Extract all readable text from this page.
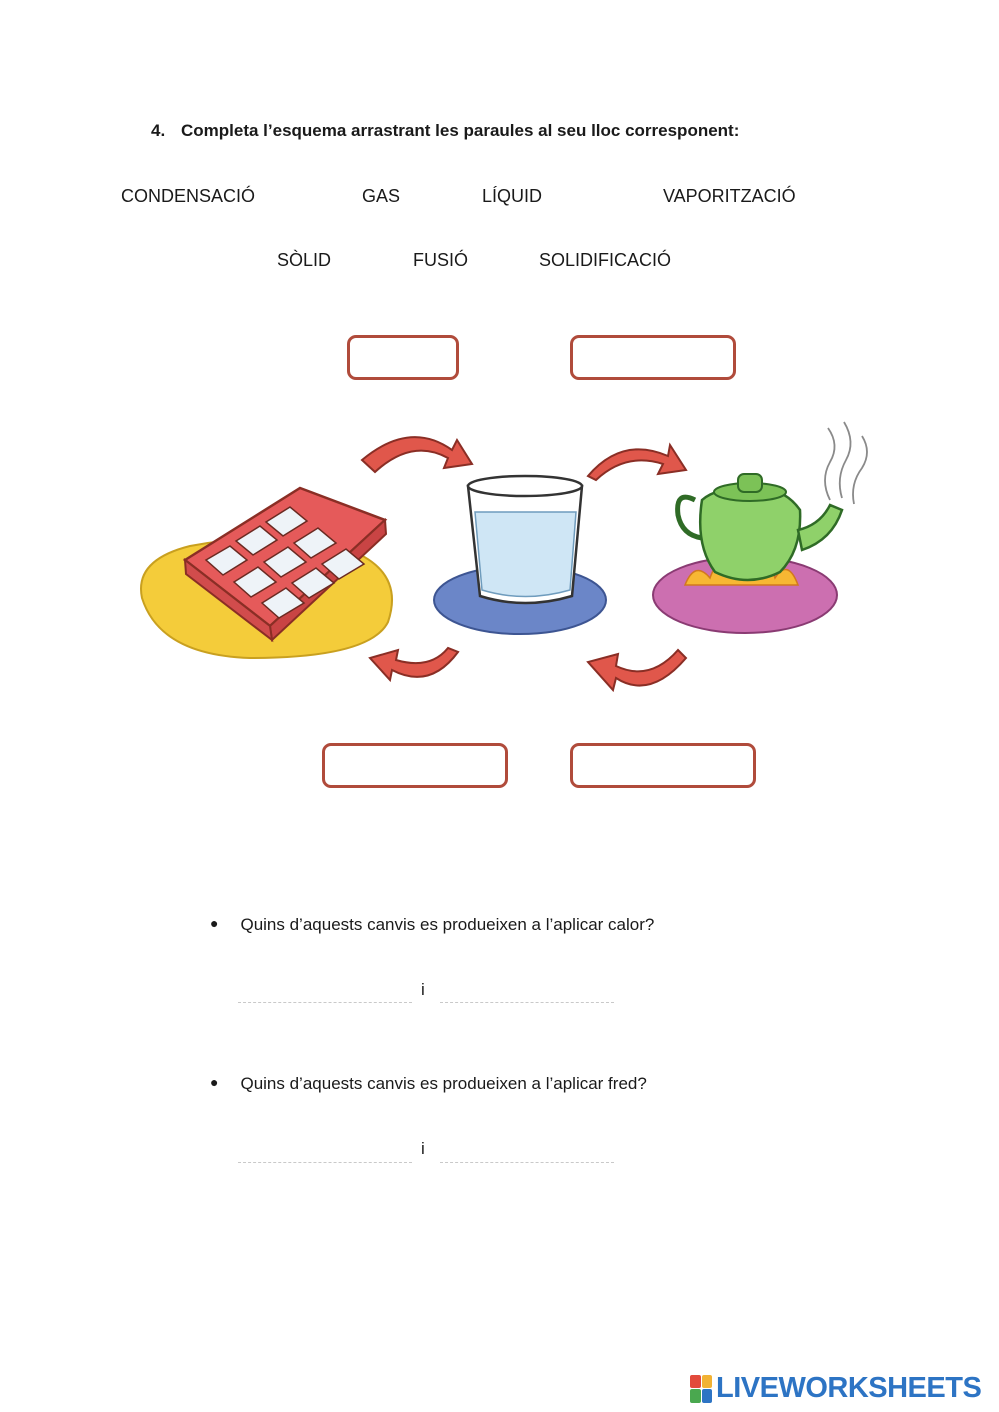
4. Completa l’esquema arrastrant les paraules al seu lloc corresponent:
CONDENSACIÓ	GAS	LÍQUID	VAPORITZACIÓ
SÒLID	FUSIÓ	SOLIDIFICACIÓ
● Quins d’aquests canvis es produeixen a l’aplicar calor?
i
● Quins d’aquests canvis es produeixen a l’aplicar fred?
i
LIVEWORKSHEETS
